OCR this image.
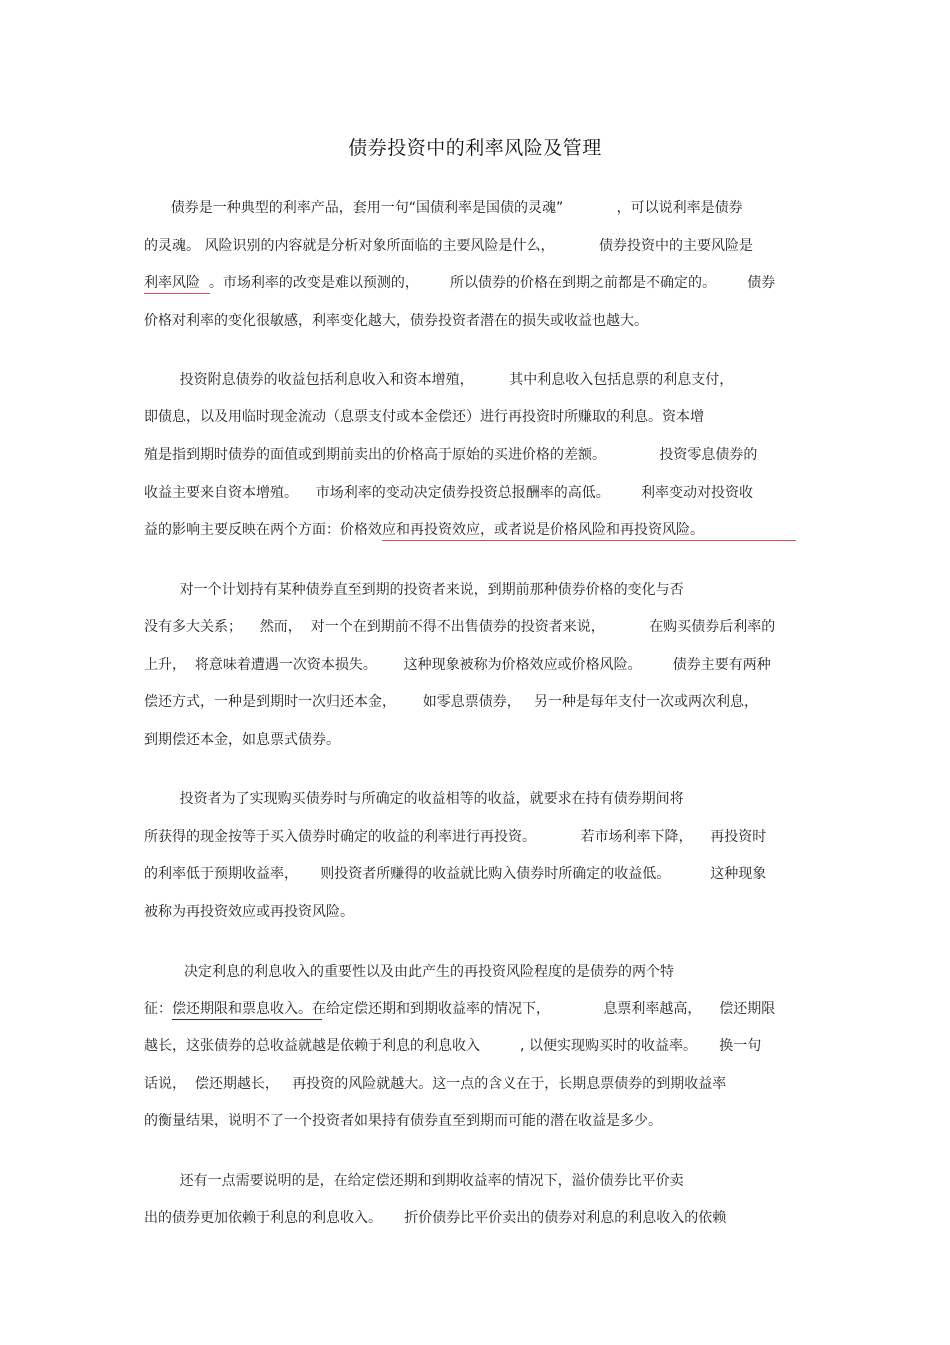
债券投资中的利率风险及管理
债券是一种典型的利率产品，套用一句“国债利率是国债的灵魂”            ，可以说利率是债券
的灵魂。 风险识别的内容就是分析对象所面临的主要风险是什么，          债券投资中的主要风险是
利率风险  。市场利率的改变是难以预测的，       所以债券的价格在到期之前都是不确定的。       债券
价格对利率的变化很敏感，利率变化越大，债券投资者潜在的损失或收益也越大。
投资附息债券的收益包括利息收入和资本增殖，        其中利息收入包括息票的利息支付，
即债息，以及用临时现金流动（息票支付或本金偿还）进行再投资时所赚取的利息。资本增
殖是指到期时债券的面值或到期前卖出的价格高于原始的买进价格的差额。            投资零息债券的
收益主要来自资本增殖。    市场利率的变动决定债券投资总报酬率的高低。       利率变动对投资收
益的影响主要反映在两个方面：价格效应和再投资效应，或者说是价格风险和再投资风险。
对一个计划持有某种债券直至到期的投资者来说，到期前那种债券价格的变化与否
没有多大关系；    然而，  对一个在到期前不得不出售债券的投资者来说，          在购买债券后利率的
上升，  将意味着遭遇一次资本损失。      这种现象被称为价格效应或价格风险。       债券主要有两种
偿还方式，一种是到期时一次归还本金，      如零息票债券，   另一种是每年支付一次或两次利息，
到期偿还本金，如息票式债券。
投资者为了实现购买债券时与所确定的收益相等的收益，就要求在持有债券期间将
所获得的现金按等于买入债券时确定的收益的利率进行再投资。          若市场利率下降，    再投资时
的利率低于预期收益率，     则投资者所赚得的收益就比购入债券时所确定的收益低。         这种现象
被称为再投资效应或再投资风险。
决定利息的利息收入的重要性以及由此产生的再投资风险程度的是债券的两个特
征：偿还期限和票息收入。在给定偿还期和到期收益率的情况下，            息票利率越高，    偿还期限
越长，这张债券的总收益就越是依赖于利息的利息收入         , 以便实现购买时的收益率。     换一句
话说，  偿还期越长，   再投资的风险就越大。这一点的含义在于，长期息票债券的到期收益率
的衡量结果，说明不了一个投资者如果持有债券直至到期而可能的潜在收益是多少。
还有一点需要说明的是，在给定偿还期和到期收益率的情况下，溢价债券比平价卖
出的债券更加依赖于利息的利息收入。     折价债券比平价卖出的债券对利息的利息收入的依赖
